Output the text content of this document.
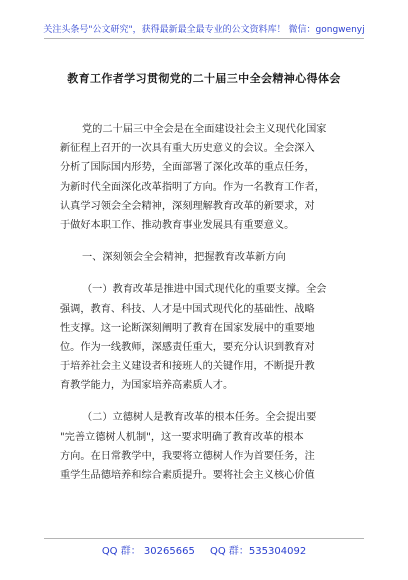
关注头条号"公文研究"，获得最新最全最专业的公文资料库！ 微信：gongwenyj
教育工作者学习贯彻党的二十届三中全会精神心得体会
党的二十届三中全会是在全面建设社会主义现代化国家
新征程上召开的一次具有重大历史意义的会议。全会深入
分析了国际国内形势，全面部署了深化改革的重点任务，
为新时代全面深化改革指明了方向。作为一名教育工作者，
认真学习领会全会精神，深刻理解教育改革的新要求，对
于做好本职工作、推动教育事业发展具有重要意义。
一、深刻领会全会精神，把握教育改革新方向
（一）教育改革是推进中国式现代化的重要支撑。全会
强调，教育、科技、人才是中国式现代化的基础性、战略
性支撑。这一论断深刻阐明了教育在国家发展中的重要地
位。作为一线教师，深感责任重大，要充分认识到教育对
于培养社会主义建设者和接班人的关键作用，不断提升教
育教学能力，为国家培养高素质人才。
（二）立德树人是教育改革的根本任务。全会提出要
"完善立德树人机制"，这一要求明确了教育改革的根本
方向。在日常教学中，我要将立德树人作为首要任务，注
重学生品德培养和综合素质提升。要将社会主义核心价值
QQ 群： 30265665 QQ 群：535304092
